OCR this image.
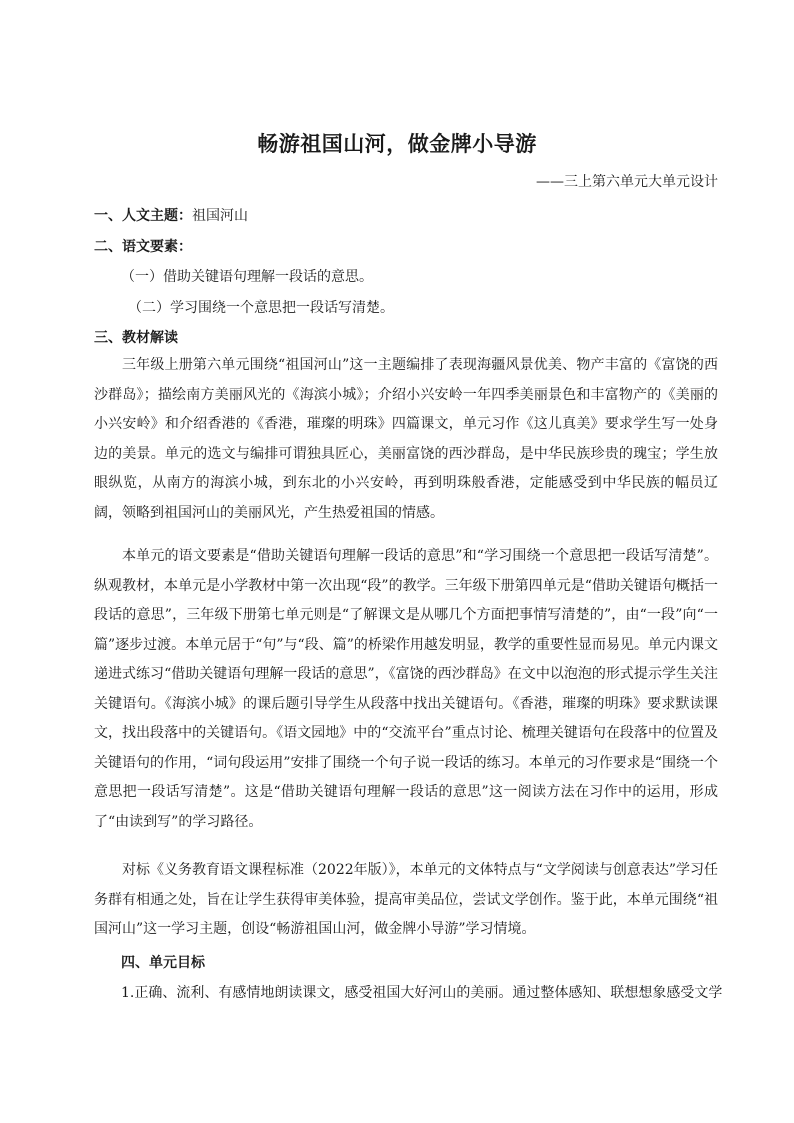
畅游祖国山河，做金牌小导游
——三上第六单元大单元设计
一、人文主题：祖国河山
二、语文要素：
（一）借助关键语句理解一段话的意思。
（二）学习围绕一个意思把一段话写清楚。
三、教材解读

三年级上册第六单元围绕“祖国河山”这一主题编排了表现海疆风景优美、物产丰富的《富饶的西沙群岛》；描绘南方美丽风光的《海滨小城》；介绍小兴安岭一年四季美丽景色和丰富物产的《美丽的小兴安岭》和介绍香港的《香港，璀璨的明珠》四篇课文，单元习作《这儿真美》要求学生写一处身边的美景。单元的选文与编排可谓独具匠心，美丽富饶的西沙群岛，是中华民族珍贵的瑰宝；学生放眼纵览，从南方的海滨小城，到东北的小兴安岭，再到明珠般香港，定能感受到中华民族的幅员辽阔，领略到祖国河山的美丽风光，产生热爱祖国的情感。

本单元的语文要素是“借助关键语句理解一段话的意思”和“学习围绕一个意思把一段话写清楚”。纵观教材，本单元是小学教材中第一次出现“段”的教学。三年级下册第四单元是“借助关键语句概括一段话的意思”，三年级下册第七单元则是“了解课文是从哪几个方面把事情写清楚的”，由“一段”向“一篇”逐步过渡。本单元居于“句”与“段、篇”的桥梁作用越发明显，教学的重要性显而易见。单元内课文递进式练习“借助关键语句理解一段话的意思”，《富饶的西沙群岛》在文中以泡泡的形式提示学生关注关键语句。《海滨小城》的课后题引导学生从段落中找出关键语句。《香港，璀璨的明珠》要求默读课文，找出段落中的关键语句。《语文园地》中的“交流平台”重点讨论、梳理关键语句在段落中的位置及关键语句的作用，“词句段运用”安排了围绕一个句子说一段话的练习。本单元的习作要求是“围绕一个意思把一段话写清楚”。这是“借助关键语句理解一段话的意思”这一阅读方法在习作中的运用，形成了“由读到写”的学习路径。

对标《义务教育语文课程标准（2022年版）》，本单元的文体特点与“文学阅读与创意表达”学习任务群有相通之处，旨在让学生获得审美体验，提高审美品位，尝试文学创作。鉴于此，本单元围绕“祖国河山”这一学习主题，创设“畅游祖国山河，做金牌小导游”学习情境。

四、单元目标
1.正确、流利、有感情地朗读课文，感受祖国大好河山的美丽。通过整体感知、联想想象感受文学
